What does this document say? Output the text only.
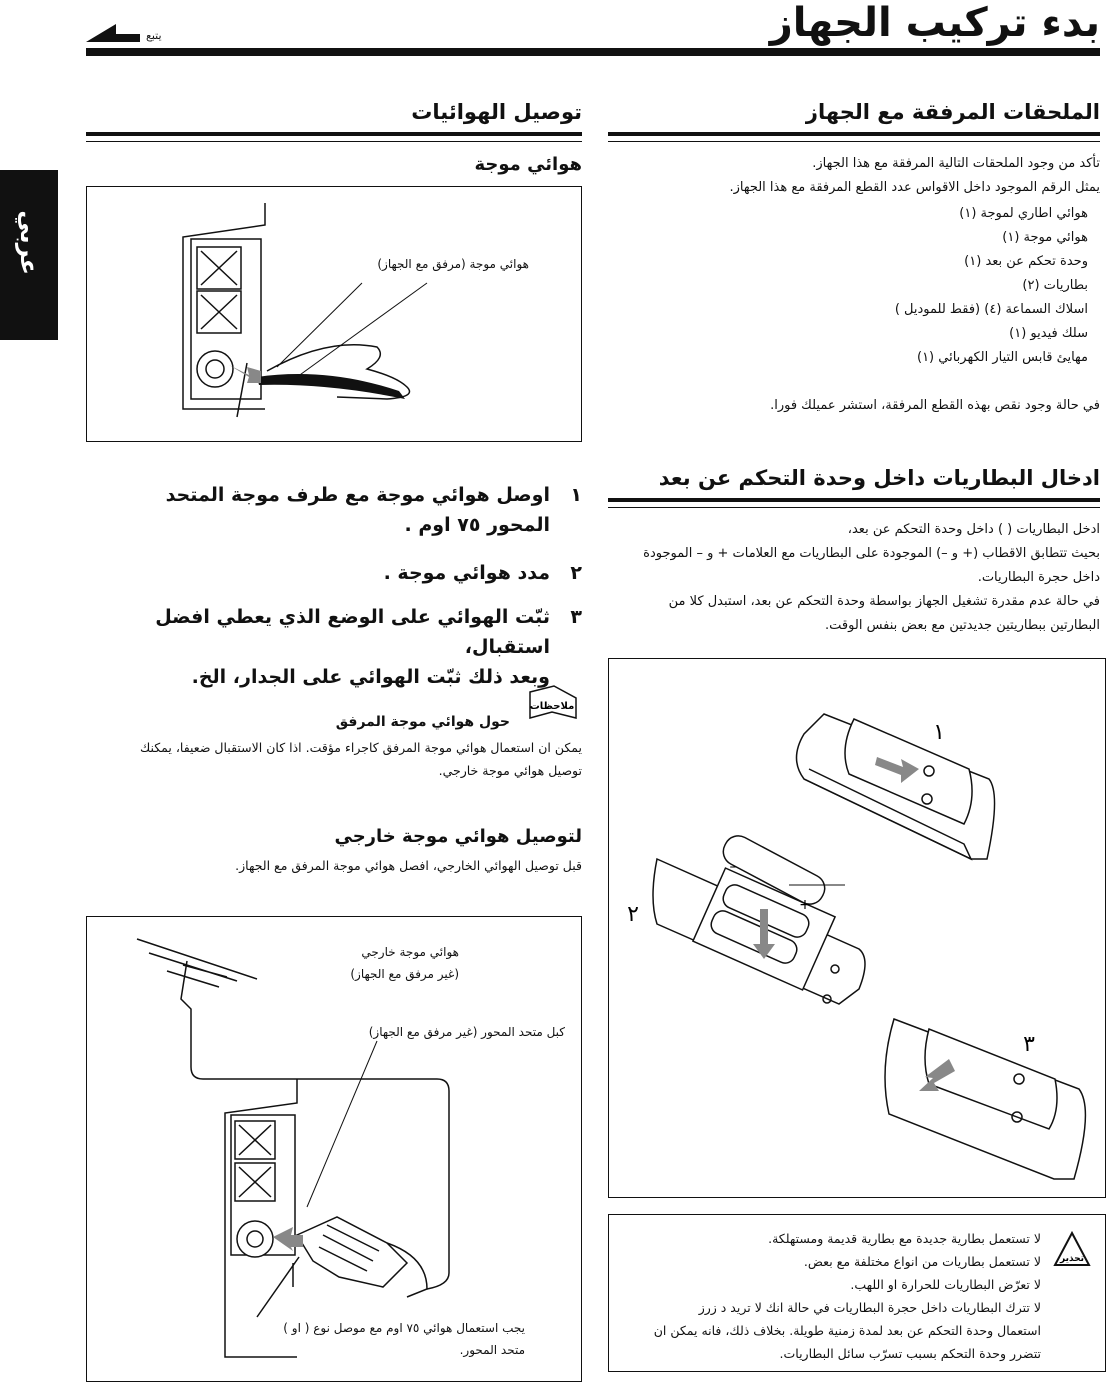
بدء تركيب الجهاز
يتبع
عربي
الملحقات المرفقة مع الجهاز
تأكد من وجود الملحقات التالية المرفقة مع هذا الجهاز.
يمثل الرقم الموجود داخل الاقواس عدد القطع المرفقة مع هذا الجهاز.
هوائي اطاري لموجة (١)
هوائي موجة (١)
وحدة تحكم عن بعد (١)
بطاريات (٢)
اسلاك السماعة (٤) (فقط للموديل )
سلك فيديو (١)
مهايئ قابس التيار الكهربائي (١)
في حالة وجود نقص بهذه القطع المرفقة، استشر عميلك فورا.
ادخال البطاريات داخل وحدة التحكم عن بعد
ادخل البطاريات ( ) داخل وحدة التحكم عن بعد،
بحيث تتطابق الاقطاب (+ و –) الموجودة على البطاريات مع العلامات + و – الموجودة
داخل حجرة البطاريات.
في حالة عدم مقدرة تشغيل الجهاز بواسطة وحدة التحكم عن بعد، استبدل كلا من
البطارتين ببطاريتين جديدتين مع بعض بنفس الوقت.
–
+
١
٢
٣
تحذير
لا تستعمل بطارية جديدة مع بطارية قديمة ومستهلكة.
لا تستعمل بطاريات من انواع مختلفة مع بعض.
لا تعرّض البطاريات للحرارة او اللهب.
لا تترك البطاريات داخل حجرة البطاريات في حالة انك لا تريد د زرز
استعمال وحدة التحكم عن بعد لمدة زمنية طويلة. بخلاف ذلك، فانه يمكن ان
تتضرر وحدة التحكم بسبب تسرّب سائل البطاريات.
توصيل الهوائيات
هوائي موجة
هوائي موجة (مرفق مع الجهاز)
١
اوصل هوائي موجة مع طرف موجة المتحد
المحور ٧٥ اوم .
٢
مدد هوائي موجة .
٣
ثبّت الهوائي على الوضع الذي يعطي افضل استقبال،
وبعد ذلك ثبّت الهوائي على الجدار، الخ.
ملاحظات
حول هوائي موجة المرفق
يمكن ان استعمال هوائي موجة المرفق كاجراء مؤقت. اذا كان الاستقبال ضعيفا، يمكنك
توصيل هوائي موجة خارجي.
لتوصيل هوائي موجة خارجي
قبل توصيل الهوائي الخارجي، افصل هوائي موجة المرفق مع الجهاز.
هوائي موجة خارجي
(غير مرفق مع الجهاز)
كبل متحد المحور (غير مرفق مع الجهاز)
يجب استعمال هوائي ٧٥ اوم مع موصل نوع ( او )
متحد المحور.
